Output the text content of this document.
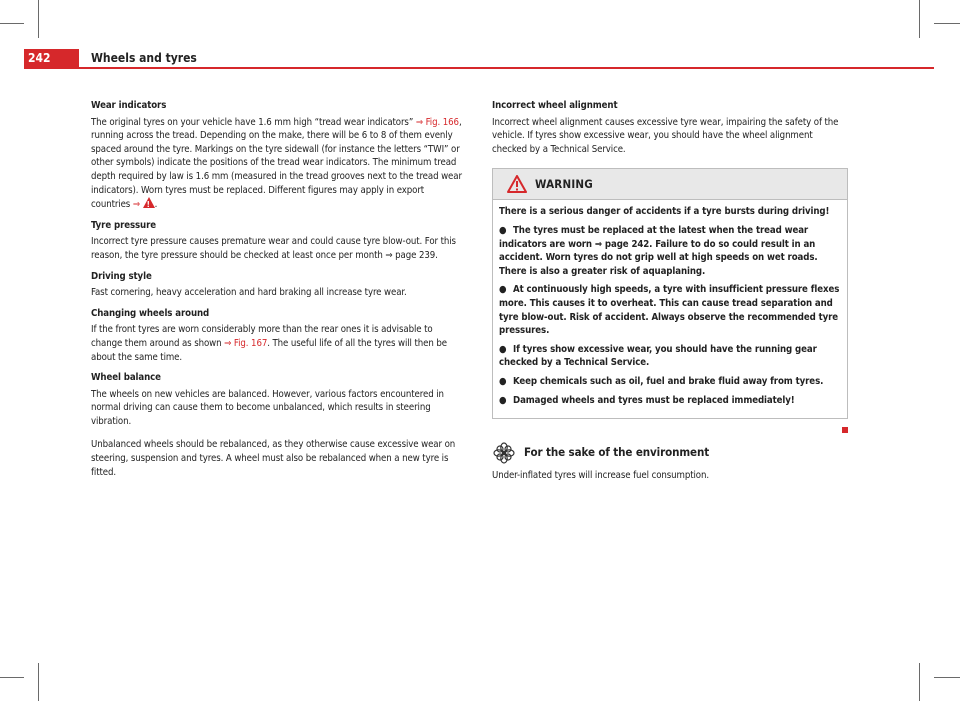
242	Wheels and tyres
Wear indicators
The original tyres on your vehicle have 1.6 mm high “tread wear indicators” ⇒ Fig. 166, running across the tread. Depending on the make, there will be 6 to 8 of them evenly spaced around the tyre. Markings on the tyre sidewall (for instance the letters “TWI” or other symbols) indicate the positions of the tread wear indicators. The minimum tread depth required by law is 1.6 mm (measured in the tread grooves next to the tread wear indicators). Worn tyres must be replaced. Different figures may apply in export countries ⇒ ! .
Tyre pressure
Incorrect tyre pressure causes premature wear and could cause tyre blow-out. For this reason, the tyre pressure should be checked at least once per month ⇒ page 239.
Driving style
Fast cornering, heavy acceleration and hard braking all increase tyre wear.
Changing wheels around
If the front tyres are worn considerably more than the rear ones it is advisable to change them around as shown ⇒ Fig. 167. The useful life of all the tyres will then be about the same time.
Wheel balance
The wheels on new vehicles are balanced. However, various factors encountered in normal driving can cause them to become unbalanced, which results in steering vibration.
Unbalanced wheels should be rebalanced, as they otherwise cause excessive wear on steering, suspension and tyres. A wheel must also be rebalanced when a new tyre is fitted.
Incorrect wheel alignment
Incorrect wheel alignment causes excessive tyre wear, impairing the safety of the vehicle. If tyres show excessive wear, you should have the wheel alignment checked by a Technical Service.
WARNING
There is a serious danger of accidents if a tyre bursts during driving!
● The tyres must be replaced at the latest when the tread wear indicators are worn ⇒ page 242. Failure to do so could result in an accident. Worn tyres do not grip well at high speeds on wet roads. There is also a greater risk of aquaplaning.
● At continuously high speeds, a tyre with insufficient pressure flexes more. This causes it to overheat. This can cause tread separation and tyre blow-out. Risk of accident. Always observe the recommended tyre pressures.
● If tyres show excessive wear, you should have the running gear checked by a Technical Service.
● Keep chemicals such as oil, fuel and brake fluid away from tyres.
● Damaged wheels and tyres must be replaced immediately!
For the sake of the environment
Under-inflated tyres will increase fuel consumption.
